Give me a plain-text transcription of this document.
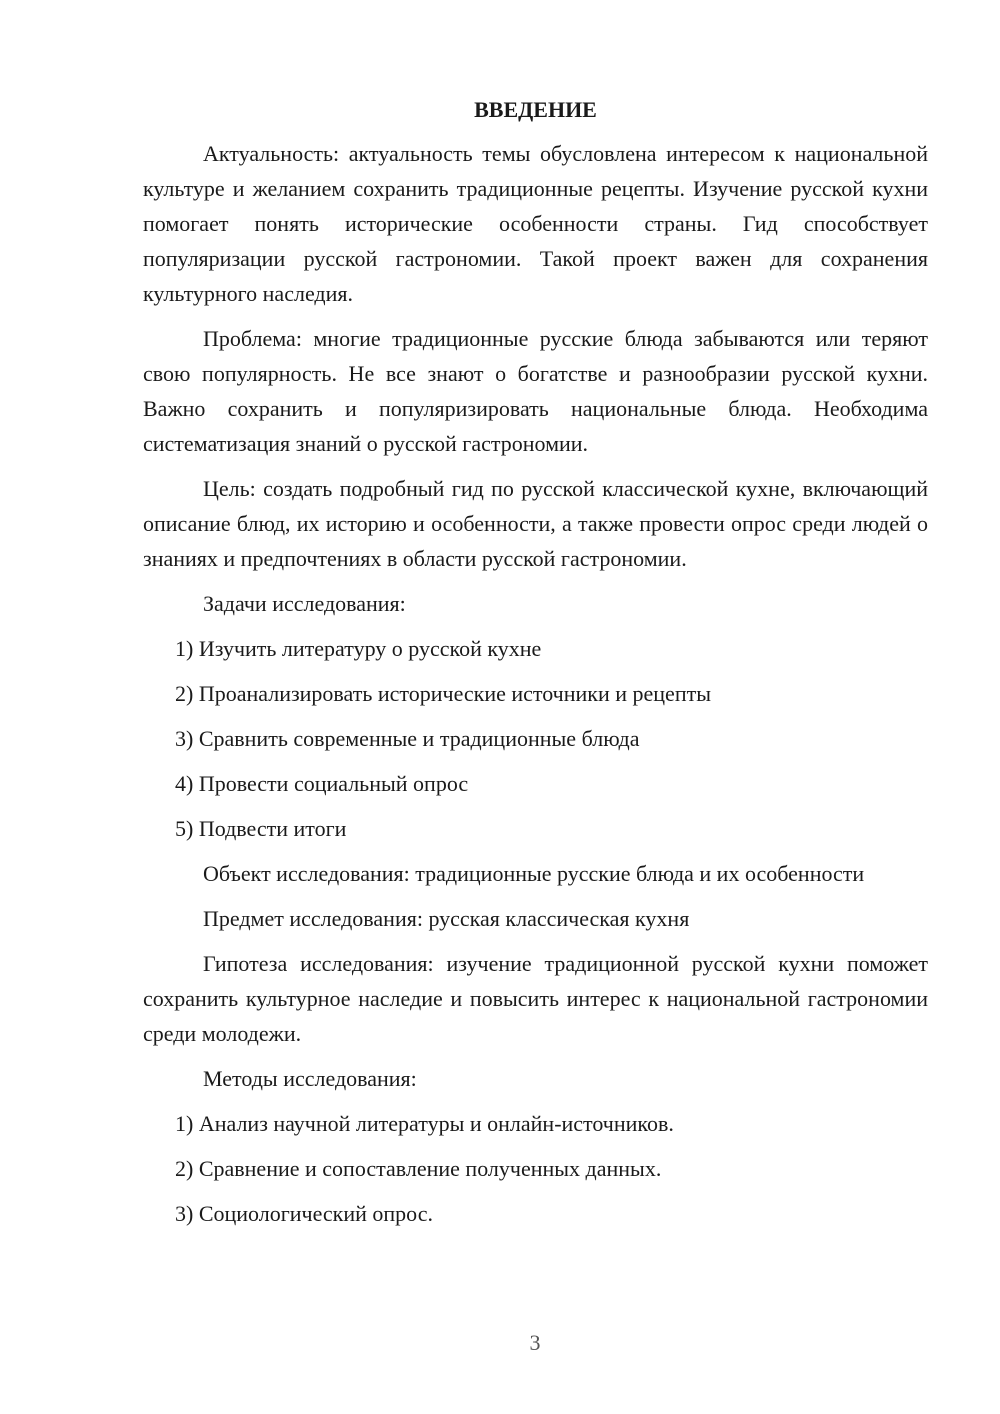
ВВЕДЕНИЕ

Актуальность: актуальность темы обусловлена интересом к национальной культуре и желанием сохранить традиционные рецепты. Изучение русской кухни помогает понять исторические особенности страны. Гид способствует популяризации русской гастрономии. Такой проект важен для сохранения культурного наследия.

Проблема: многие традиционные русские блюда забываются или теряют свою популярность. Не все знают о богатстве и разнообразии русской кухни. Важно сохранить и популяризировать национальные блюда. Необходима систематизация знаний о русской гастрономии.

Цель: создать подробный гид по русской классической кухне, включающий описание блюд, их историю и особенности, а также провести опрос среди людей о знаниях и предпочтениях в области русской гастрономии.

Задачи исследования:

1) Изучить литературу о русской кухне

2) Проанализировать исторические источники и рецепты

3) Сравнить современные и традиционные блюда

4) Провести социальный опрос

5) Подвести итоги

Объект исследования: традиционные русские блюда и их особенности

Предмет исследования: русская классическая кухня

Гипотеза исследования: изучение традиционной русской кухни поможет сохранить культурное наследие и повысить интерес к национальной гастрономии среди молодежи.

Методы исследования:

1) Анализ научной литературы и онлайн-источников.

2) Сравнение и сопоставление полученных данных.

3) Социологический опрос.

3
